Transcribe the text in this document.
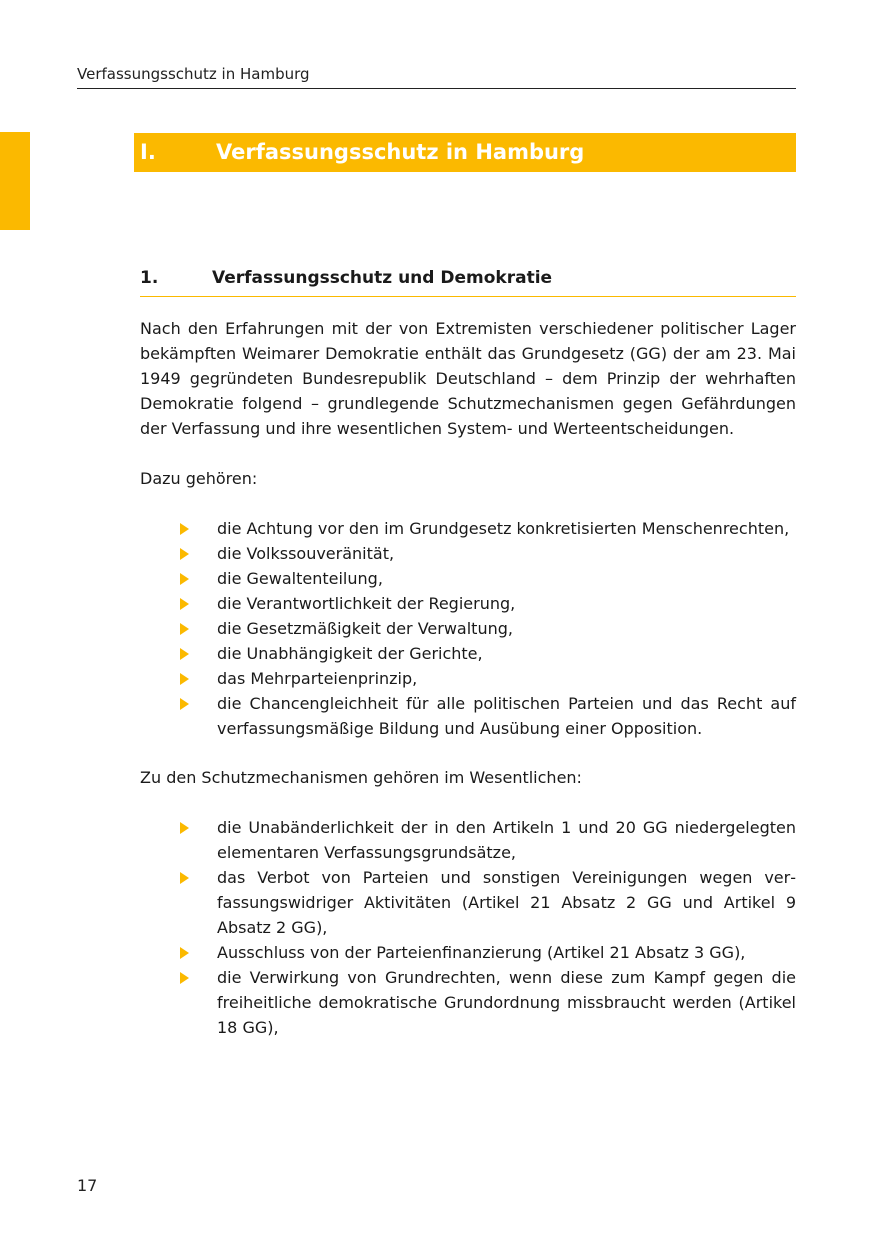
Verfassungsschutz in Hamburg
I.	Verfassungsschutz in Hamburg
1.	Verfassungsschutz und Demokratie

Nach den Erfahrungen mit der von Extremisten verschiedener politischer Lager bekämpften Weimarer Demokratie enthält das Grundgesetz (GG) der am 23. Mai 1949 gegründeten Bundesrepublik Deutschland – dem Prinzip der wehrhaften Demokratie folgend – grundlegende Schutzmechanismen gegen Gefährdungen der Verfassung und ihre wesentlichen System- und Werteentscheidungen.

Dazu gehören:

die Achtung vor den im Grundgesetz konkretisierten Menschenrechten,
die Volkssouveränität,
die Gewaltenteilung,
die Verantwortlichkeit der Regierung,
die Gesetzmäßigkeit der Verwaltung,
die Unabhängigkeit der Gerichte,
das Mehrparteienprinzip,
die Chancengleichheit für alle politischen Parteien und das Recht auf verfassungsmäßige Bildung und Ausübung einer Opposition.

Zu den Schutzmechanismen gehören im Wesentlichen:

die Unabänderlichkeit der in den Artikeln 1 und 20 GG niedergelegten elementaren Verfassungsgrundsätze,
das Verbot von Parteien und sonstigen Vereinigungen wegen verfassungswidriger Aktivitäten (Artikel 21 Absatz 2 GG und Artikel 9 Absatz 2 GG),
Ausschluss von der Parteienfinanzierung (Artikel 21 Absatz 3 GG),
die Verwirkung von Grundrechten, wenn diese zum Kampf gegen die freiheitliche demokratische Grundordnung missbraucht werden (Artikel 18 GG),
17
